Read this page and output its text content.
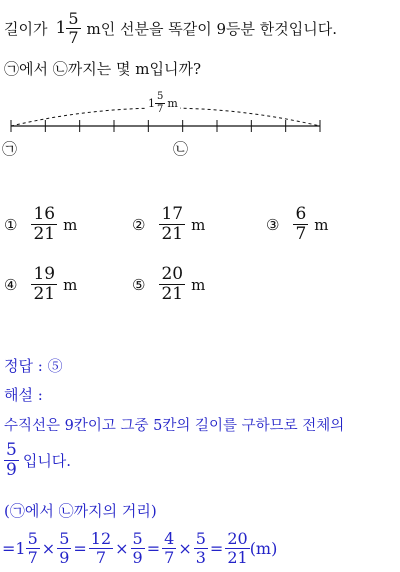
길이가 $1 \frac{5}{7}$ m인 선분을 똑같이 9등분 한것입니다.
㉠에서 ㉡까지는 몇 m입니까?
$1 \frac{5}{7}$ m
㉠	㉡
① $\frac{16}{21}$ m	② $\frac{17}{21}$ m	③ $\frac{6}{7}$ m
④ $\frac{19}{21}$ m	⑤ $\frac{20}{21}$ m
정답 : ⑤
해설 :
수직선은 9칸이고 그중 5칸의 길이를 구하므로 전체의
$\frac{5}{9}$ 입니다.
(㉠에서 ㉡까지의 거리)
= $1 \frac{5}{7} \times \frac{5}{9} = \frac{12}{7} \times \frac{5}{9} = \frac{4}{7} \times \frac{5}{3} = \frac{20}{21} (m)$
